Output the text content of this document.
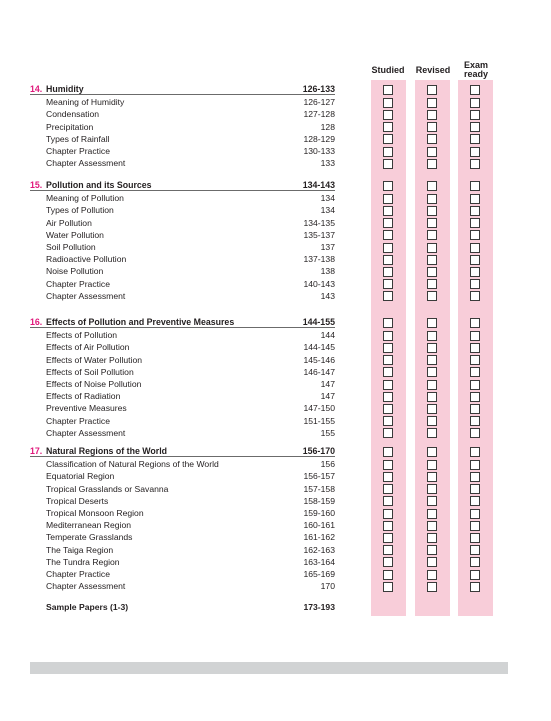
Studied	Revised	Exam
ready
14. Humidity	126-133
Meaning of Humidity	126-127
Condensation	127-128
Precipitation	128
Types of Rainfall	128-129
Chapter Practice	130-133
Chapter Assessment	133
15. Pollution and its Sources	134-143
Meaning of Pollution	134
Types of Pollution	134
Air Pollution	134-135
Water Pollution	135-137
Soil Pollution	137
Radioactive Pollution	137-138
Noise Pollution	138
Chapter Practice	140-143
Chapter Assessment	143
16. Effects of Pollution and Preventive Measures	144-155
Effects of Pollution	144
Effects of Air Pollution	144-145
Effects of Water Pollution	145-146
Effects of Soil Pollution	146-147
Effects of Noise Pollution	147
Effects of Radiation	147
Preventive Measures	147-150
Chapter Practice	151-155
Chapter Assessment	155
17. Natural Regions of the World	156-170
Classification of Natural Regions of the World	156
Equatorial Region	156-157
Tropical Grasslands or Savanna	157-158
Tropical Deserts	158-159
Tropical Monsoon Region	159-160
Mediterranean Region	160-161
Temperate Grasslands	161-162
The Taiga Region	162-163
The Tundra Region	163-164
Chapter Practice	165-169
Chapter Assessment	170
Sample Papers (1-3)	173-193
